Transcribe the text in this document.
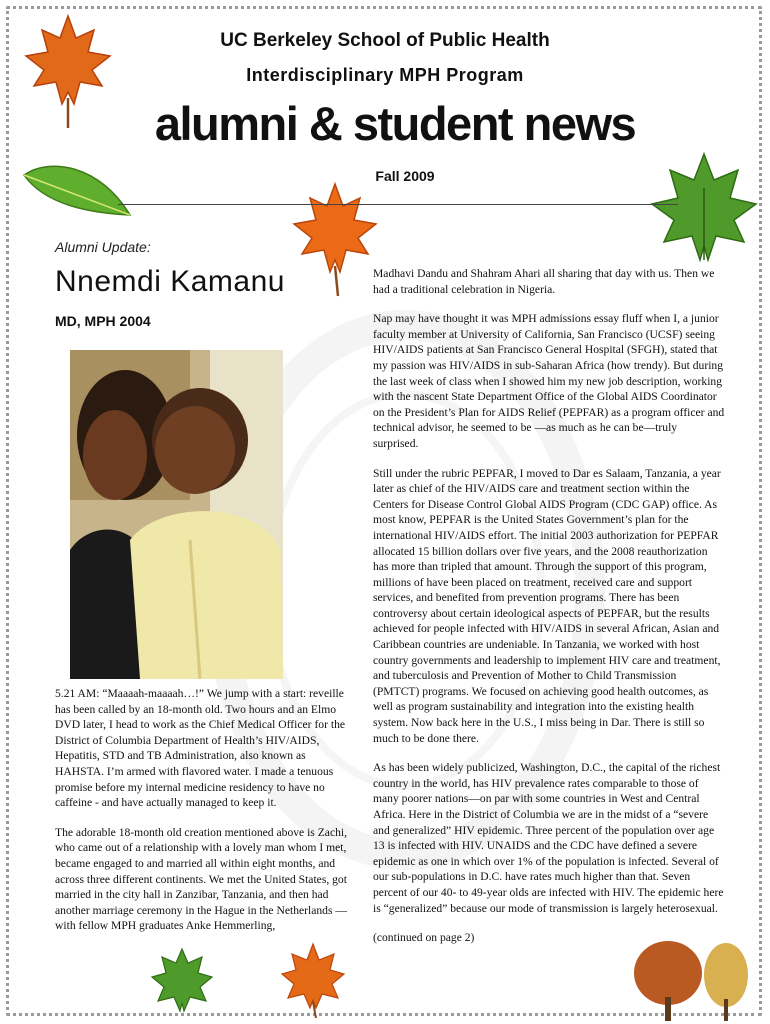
UC Berkeley School of Public Health
Interdisciplinary MPH Program
alumni & student news
Fall 2009
Alumni Update:
Nnemdi Kamanu
MD, MPH 2004

5.21 AM: “Maaaah-maaaah…!” We jump with a start: reveille has been called by an 18-month old. Two hours and an Elmo DVD later, I head to work as the Chief Medical Officer for the District of Columbia Department of Health’s HIV/AIDS, Hepatitis, STD and TB Administration, also known as HAHSTA. I’m armed with flavored water. I made a tenuous promise before my internal medicine residency to have no caffeine - and have actually managed to keep it.

The adorable 18-month old creation mentioned above is Zachi, who came out of a relationship with a lovely man whom I met, became engaged to and married all within eight months, and across three different continents. We met the United States, got married in the city hall in Zanzibar, Tanzania, and then had another marriage ceremony in the Hague in the Netherlands — with fellow MPH graduates Anke Hemmerling,

Madhavi Dandu and Shahram Ahari all sharing that day with us. Then we had a traditional celebration in Nigeria.

Nap may have thought it was MPH admissions essay fluff when I, a junior faculty member at University of California, San Francisco (UCSF) seeing HIV/AIDS patients at San Francisco General Hospital (SFGH), stated that my passion was HIV/AIDS in sub-Saharan Africa (how trendy). But during the last week of class when I showed him my new job description, working with the nascent State Department Office of the Global AIDS Coordinator on the President’s Plan for AIDS Relief (PEPFAR) as a program officer and technical advisor, he seemed to be —as much as he can be—truly surprised.

Still under the rubric PEPFAR, I moved to Dar es Salaam, Tanzania, a year later as chief of the HIV/AIDS care and treatment section within the Centers for Disease Control Global AIDS Program (CDC GAP) office. As most know, PEPFAR is the United States Government’s plan for the international HIV/AIDS effort. The initial 2003 authorization for PEPFAR allocated 15 billion dollars over five years, and the 2008 reauthorization has more than tripled that amount. Through the support of this program, millions of have been placed on treatment, received care and support services, and benefited from prevention programs. There has been controversy about certain ideological aspects of PEPFAR, but the results achieved for people infected with HIV/AIDS in several African, Asian and Caribbean countries are undeniable. In Tanzania, we worked with host country governments and leadership to implement HIV care and treatment, and tuberculosis and Prevention of Mother to Child Transmission (PMTCT) programs. We focused on achieving good health outcomes, as well as program sustainability and integration into the existing health system. Now back here in the U.S., I miss being in Dar. There is still so much to be done there.

As has been widely publicized, Washington, D.C., the capital of the richest country in the world, has HIV prevalence rates comparable to those of many poorer nations—on par with some countries in West and Central Africa. Here in the District of Columbia we are in the midst of a “severe and generalized” HIV epidemic. Three percent of the population over age 13 is infected with HIV. UNAIDS and the CDC have defined a severe epidemic as one in which over 1% of the population is infected. Several of our sub-populations in D.C. have rates much higher than that. Seven percent of our 40- to 49-year olds are infected with HIV. The epidemic here is “generalized” because our mode of transmission is largely heterosexual.

(continued on page 2)
